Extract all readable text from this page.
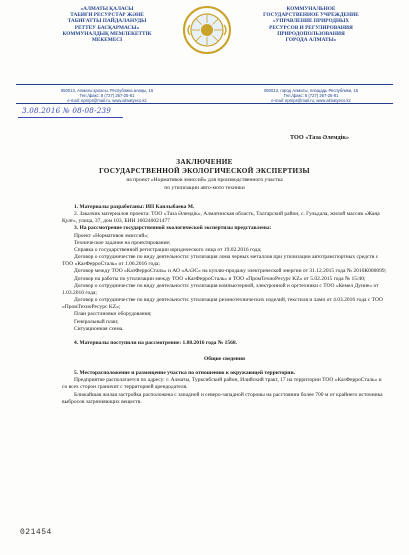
«АЛМАТЫ ҚАЛАСЫ
ТАБИҒИ РЕСУРСТАР ЖӘНЕ
ТАБИҒАТТЫ ПАЙДАЛАНУДЫ
РЕТТЕУ БАСҚАРМАСЫ»
КОММУНАЛДЫҚ МЕМЛЕКЕТТІК
МЕКЕМЕСІ
КОММУНАЛЬНОЕ
ГОСУДАРСТВЕННОЕ УЧРЕЖДЕНИЕ
«УПРАВЛЕНИЕ ПРИРОДНЫХ
РЕСУРСОВ И РЕГУЛИРОВАНИЯ
ПРИРОДОПОЛЬЗОВАНИЯ
ГОРОДА АЛМАТЫ»
050013, Алматы қаласы, Республика алаңы, 15
Тел./факс: 8 (727) 267-25-81
e-mail: eprirpr@mail.ru, www.almatyeco.kz
050013, город Алматы, площадь Республики, 15
Тел./факс: 8 (727) 267-25-81
e-mail: eprirpr@mail.ru, www.almatyeco.kz
3.08.2016 № 08-08-239
ТОО «Таза Әлемдік»
ЗАКЛЮЧЕНИЕ
ГОСУДАРСТВЕННОЙ ЭКОЛОГИЧЕСКОЙ ЭКСПЕРТИЗЫ
на проект «Нормативов эмиссий» для производственного участка
по утилизации авто-мото техники

1. Материалы разработаны: ИП Канлыбаева М.

2. Заказчик материалов проекта: ТОО «Таза Әлемдік», Алматинская область, Талгарский район, с. Гульдала, жилой массив «Жаңа Қуат», улица, 37, дом 103, БИН 160240021477

3. На рассмотрение государственной экологической экспертизы представлены:

Проект «Нормативов эмиссий»;

Техническое задание на проектирование;

Справка о государственной регистрации юридического лица от 19.02.2016 года;

Договор о сотрудничестве по виду деятельности: утилизация лома черных металлов при утилизации автотранспортных средств с ТОО «КазФерроСталь» от 1.06.2016 года;

Договор между ТОО «КазФерроСталь» и АО «АлЭС» на куплю-продажу электрической энергии от 31.12.2015 года № 2016К000099;

Договор на работы по утилизации между ТОО «КазФерроСталь» и ТОО «ПромТехноРесурс KZ» от 5.02.2015 года № 15/40;

Договор о сотрудничестве по виду деятельности: утилизация компьютерной, электронной и оргтехники с ТОО «Кемел Дуние» от 1.03.2016 года;

Договор о сотрудничестве по виду деятельности: утилизация резинотехнических изделий, текстиля и ламп от 4.03.2016 года с ТОО «ПромТехноРесурс KZ»;

План расстановки оборудования;

Генеральный план;

Ситуационная схема.

4. Материалы поступили на рассмотрение: 1.08.2016 года № 1568.

Общие сведения

5. Месторасположение и размещение участка по отношению к окружающей территории.

Предприятие располагается по адресу: г. Алматы, Турксибский район, Илийский тракт, 17 на территории ТОО «КазФерроСталь» и со всех сторон граничит с территорией арендодателя.

Ближайшая жилая застройка расположена с западной и северо-западной стороны на расстоянии более 700 м от крайнего источника выбросов загрязняющих веществ.

021454
